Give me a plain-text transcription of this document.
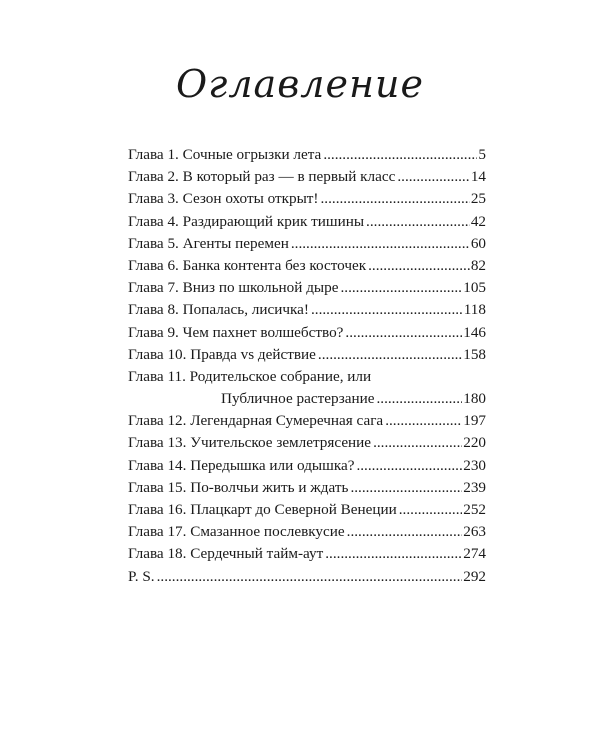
Оглавление
Глава 1. Сочные огрызки лета .....	5
Глава 2. В который раз — в первый класс .....	14
Глава 3. Сезон охоты открыт! .....	25
Глава 4. Раздирающий крик тишины .....	42
Глава 5. Агенты перемен .....	60
Глава 6. Банка контента без косточек .....	82
Глава 7. Вниз по школьной дыре .....	105
Глава 8. Попалась, лисичка! .....	118
Глава 9. Чем пахнет волшебство? .....	146
Глава 10. Правда vs действие .....	158
Глава 11. Родительское собрание, или
Публичное растерзание .....	180
Глава 12. Легендарная Сумеречная сага .....	197
Глава 13. Учительское землетрясение .....	220
Глава 14. Передышка или одышка? .....	230
Глава 15. По-волчьи жить и ждать .....	239
Глава 16. Плацкарт до Северной Венеции .....	252
Глава 17. Смазанное послевкусие .....	263
Глава 18. Сердечный тайм-аут .....	274
P. S. .....	292
